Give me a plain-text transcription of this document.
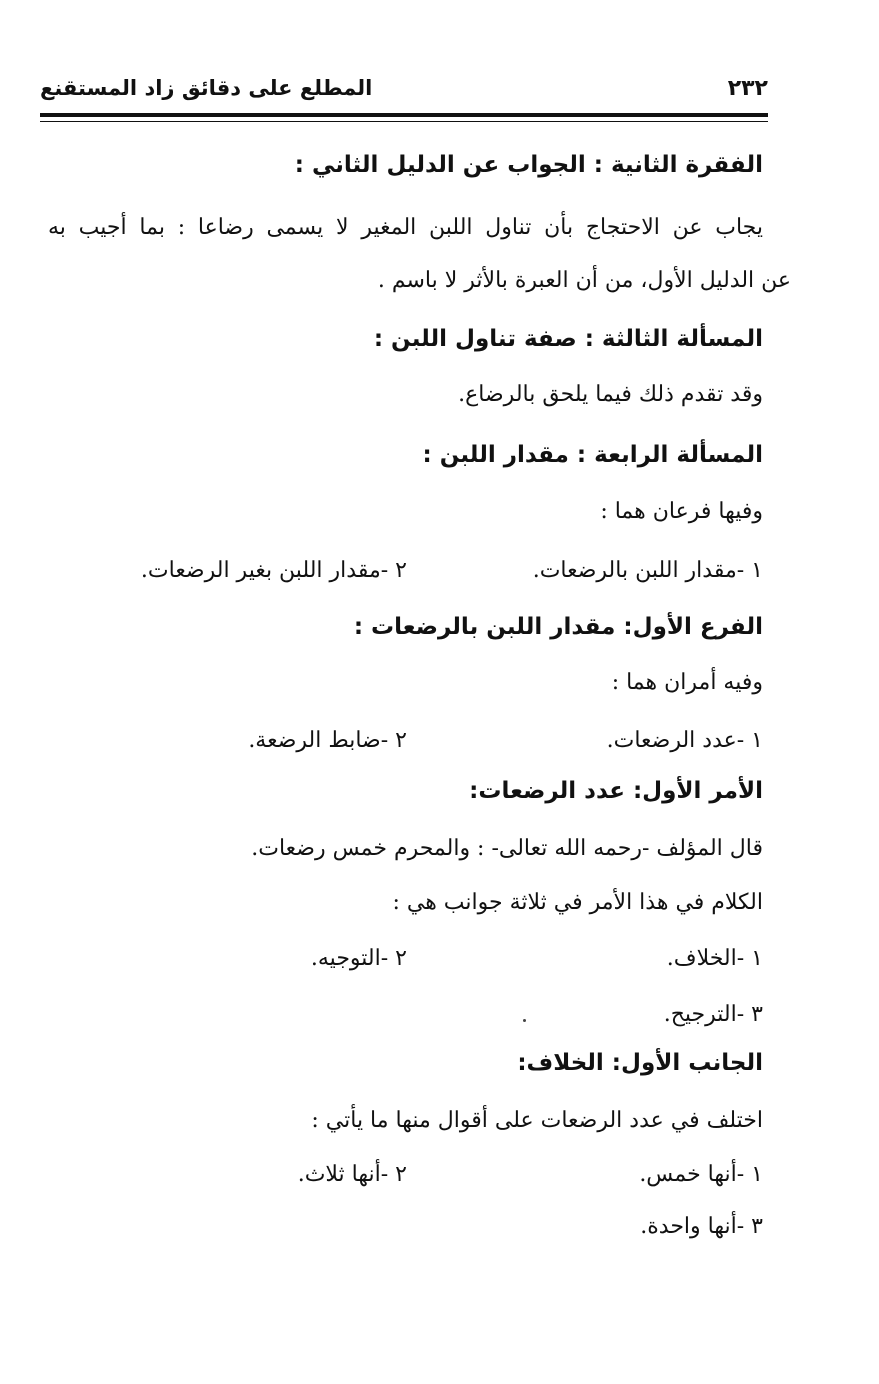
٢٣٢
المطلع على دقائق زاد المستقنع
الفقرة الثانية : الجواب عن الدليل الثاني :
يجاب عن الاحتجاج بأن تناول اللبن المغير لا يسمى رضاعا : بما أجيب به
عن الدليل الأول، من أن العبرة بالأثر لا باسم .
المسألة الثالثة : صفة تناول اللبن :
وقد تقدم ذلك فيما يلحق بالرضاع.
المسألة الرابعة : مقدار اللبن :
وفيها فرعان هما :
١ -مقدار اللبن بالرضعات.
٢ -مقدار اللبن بغير الرضعات.
الفرع الأول: مقدار اللبن بالرضعات :
وفيه أمران هما :
١ -عدد الرضعات.
٢ -ضابط الرضعة.
الأمر الأول: عدد الرضعات:
قال المؤلف -رحمه الله تعالى- : والمحرم خمس رضعات.
الكلام في هذا الأمر في ثلاثة جوانب هي :
١ -الخلاف.
٢ -التوجيه.
٣ -الترجيح.
الجانب الأول: الخلاف:
اختلف في عدد الرضعات على أقوال منها ما يأتي :
١ -أنها خمس.
٢ -أنها ثلاث.
٣ -أنها واحدة.
